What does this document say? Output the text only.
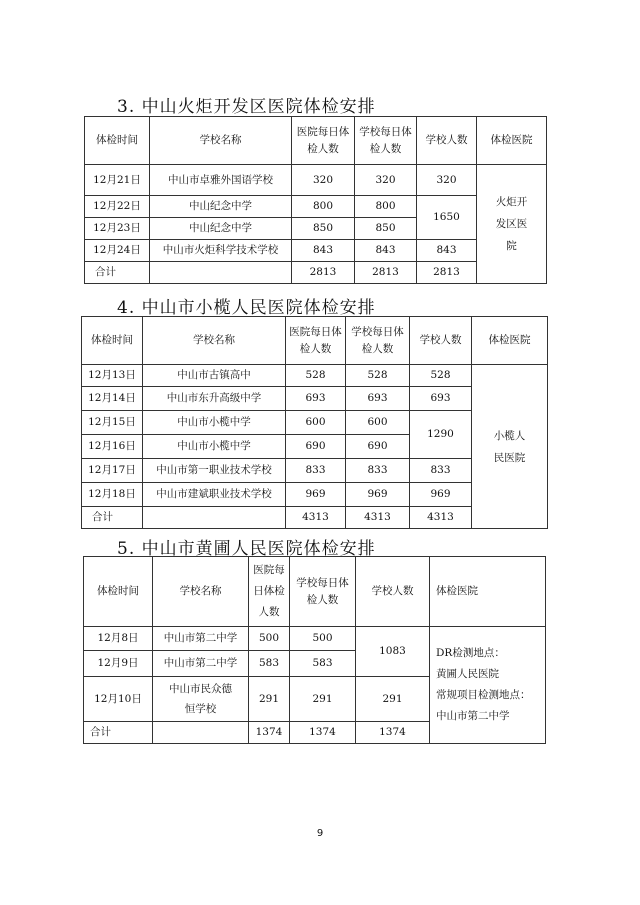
3. 中山火炬开发区医院体检安排
体检时间	学校名称	医院每日体检人数	学校每日体检人数	学校人数	体检医院
12月21日	中山市卓雅外国语学校	320	320	320	火炬开发区医院
12月22日	中山纪念中学	800	800	1650	
12月23日	中山纪念中学	850	850		
12月24日	中山市火炬科学技术学校	843	843	843	
合计		2813	2813	2813	
4. 中山市小榄人民医院体检安排
体检时间	学校名称	医院每日体检人数	学校每日体检人数	学校人数	体检医院
12月13日	中山市古镇高中	528	528	528	小榄人民医院
12月14日	中山市东升高级中学	693	693	693	
12月15日	中山市小榄中学	600	600	1290	
12月16日	中山市小榄中学	690	690		
12月17日	中山市第一职业技术学校	833	833	833	
12月18日	中山市建斌职业技术学校	969	969	969	
合计		4313	4313	4313	
5. 中山市黄圃人民医院体检安排
体检时间	学校名称	医院每日体检人数	学校每日体检人数	学校人数	体检医院
12月8日	中山市第二中学	500	500	1083	DR检测地点：
黄圃人民医院
常规项目检测地点：
中山市第二中学

12月9日	中山市第二中学	583	583		
12月10日	中山市民众德恒学校	291	291	291	
合计		1374	1374	1374	
9
